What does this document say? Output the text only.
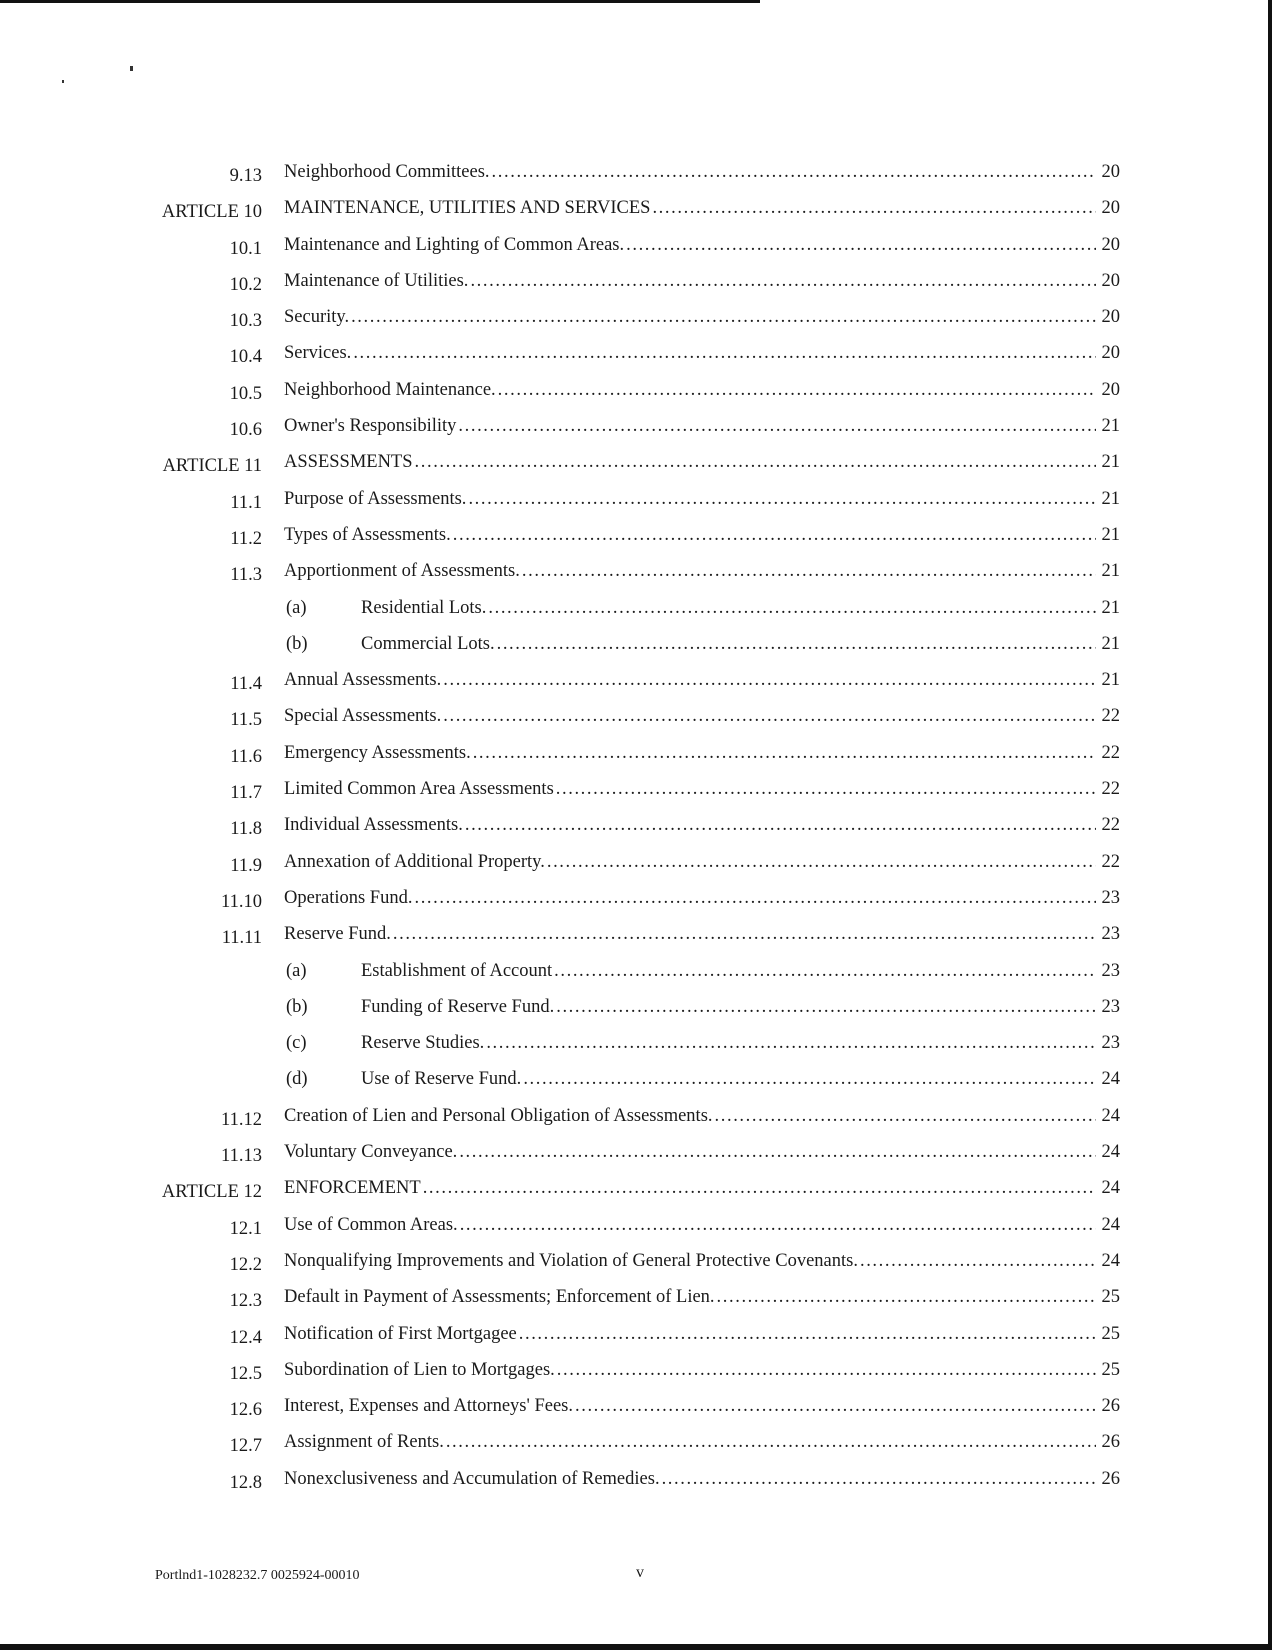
9.13 Neighborhood Committees. .....	20
ARTICLE 10 MAINTENANCE, UTILITIES AND SERVICES .....	20
10.1 Maintenance and Lighting of Common Areas. .....	20
10.2 Maintenance of Utilities. .....	20
10.3 Security. .....	20
10.4 Services. .....	20
10.5 Neighborhood Maintenance. .....	20
10.6 Owner's Responsibility .....	21
ARTICLE 11 ASSESSMENTS .....	21
11.1 Purpose of Assessments. .....	21
11.2 Types of Assessments. .....	21
11.3 Apportionment of Assessments. .....	21
(a)	Residential Lots. .....	21
(b)	Commercial Lots. .....	21
11.4 Annual Assessments. .....	21
11.5 Special Assessments. .....	22
11.6 Emergency Assessments. .....	22
11.7 Limited Common Area Assessments .....	22
11.8 Individual Assessments. .....	22
11.9 Annexation of Additional Property. .....	22
11.10 Operations Fund. .....	23
11.11 Reserve Fund. .....	23
(a)	Establishment of Account .....	23
(b)	Funding of Reserve Fund. .....	23
(c)	Reserve Studies. .....	23
(d)	Use of Reserve Fund. .....	24
11.12 Creation of Lien and Personal Obligation of Assessments. .....	24
11.13 Voluntary Conveyance. .....	24
ARTICLE 12 ENFORCEMENT .....	24
12.1 Use of Common Areas. .....	24
12.2 Nonqualifying Improvements and Violation of General Protective Covenants. .....	24
12.3 Default in Payment of Assessments; Enforcement of Lien. .....	25
12.4 Notification of First Mortgagee .....	25
12.5 Subordination of Lien to Mortgages. .....	25
12.6 Interest, Expenses and Attorneys' Fees. .....	26
12.7 Assignment of Rents. .....	26
12.8 Nonexclusiveness and Accumulation of Remedies. .....	26
Portlnd1-1028232.7 0025924-00010	v
